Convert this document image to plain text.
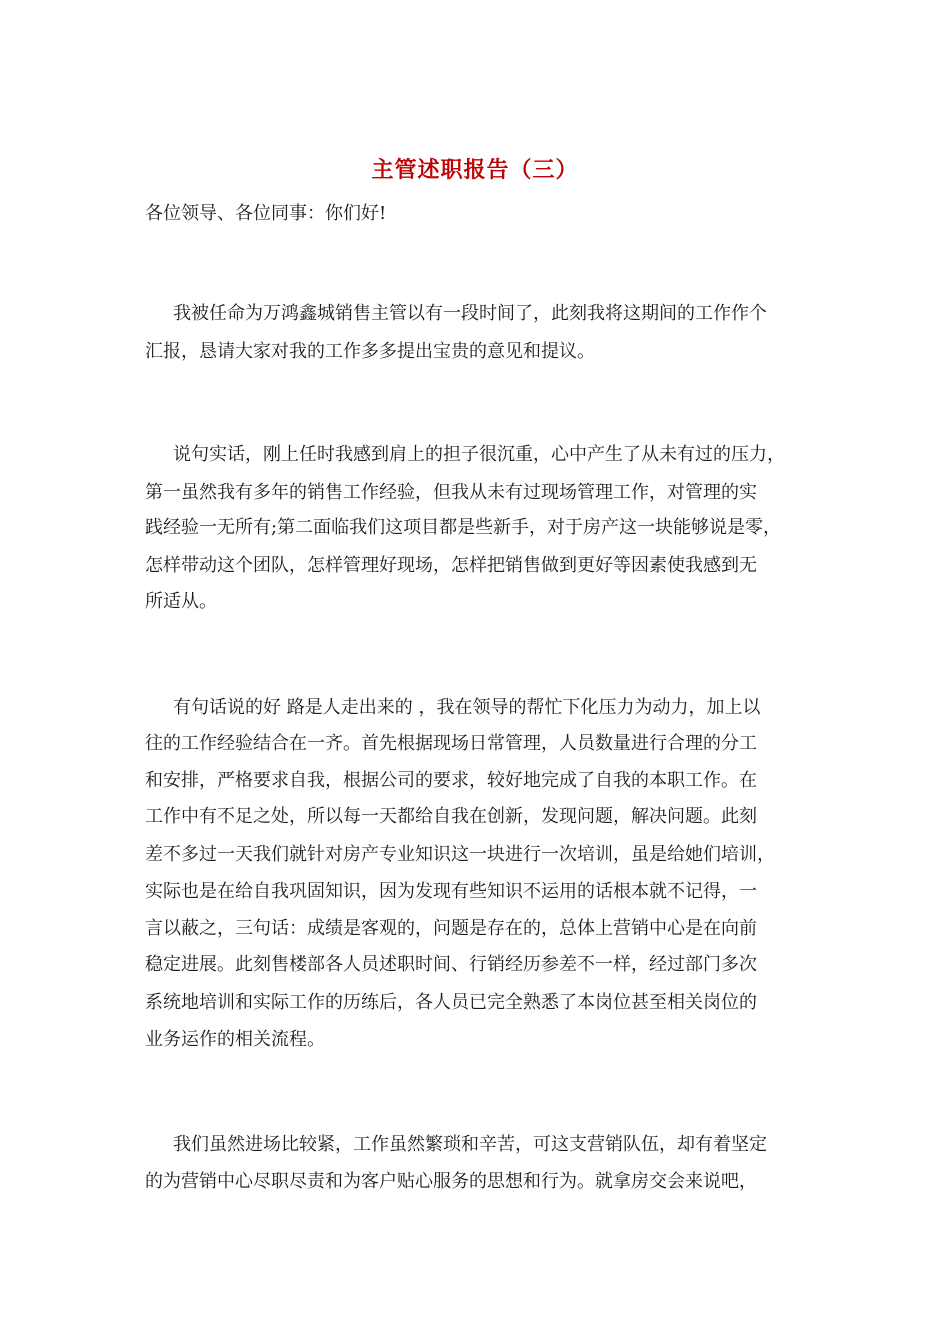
主管述职报告（三）
各位领导、各位同事：你们好!
我被任命为万鸿鑫城销售主管以有一段时间了，此刻我将这期间的工作作个
汇报，恳请大家对我的工作多多提出宝贵的意见和提议。
说句实话，刚上任时我感到肩上的担子很沉重，心中产生了从未有过的压力，
第一虽然我有多年的销售工作经验，但我从未有过现场管理工作，对管理的实
践经验一无所有;第二面临我们这项目都是些新手，对于房产这一块能够说是零，
怎样带动这个团队，怎样管理好现场，怎样把销售做到更好等因素使我感到无
所适从。
有句话说的好 路是人走出来的 ，我在领导的帮忙下化压力为动力，加上以
往的工作经验结合在一齐。首先根据现场日常管理，人员数量进行合理的分工
和安排，严格要求自我，根据公司的要求，较好地完成了自我的本职工作。在
工作中有不足之处，所以每一天都给自我在创新，发现问题，解决问题。此刻
差不多过一天我们就针对房产专业知识这一块进行一次培训，虽是给她们培训，
实际也是在给自我巩固知识，因为发现有些知识不运用的话根本就不记得，一
言以蔽之，三句话：成绩是客观的，问题是存在的，总体上营销中心是在向前
稳定进展。此刻售楼部各人员述职时间、行销经历参差不一样，经过部门多次
系统地培训和实际工作的历练后，各人员已完全熟悉了本岗位甚至相关岗位的
业务运作的相关流程。
我们虽然进场比较紧，工作虽然繁琐和辛苦，可这支营销队伍，却有着坚定
的为营销中心尽职尽责和为客户贴心服务的思想和行为。就拿房交会来说吧，
